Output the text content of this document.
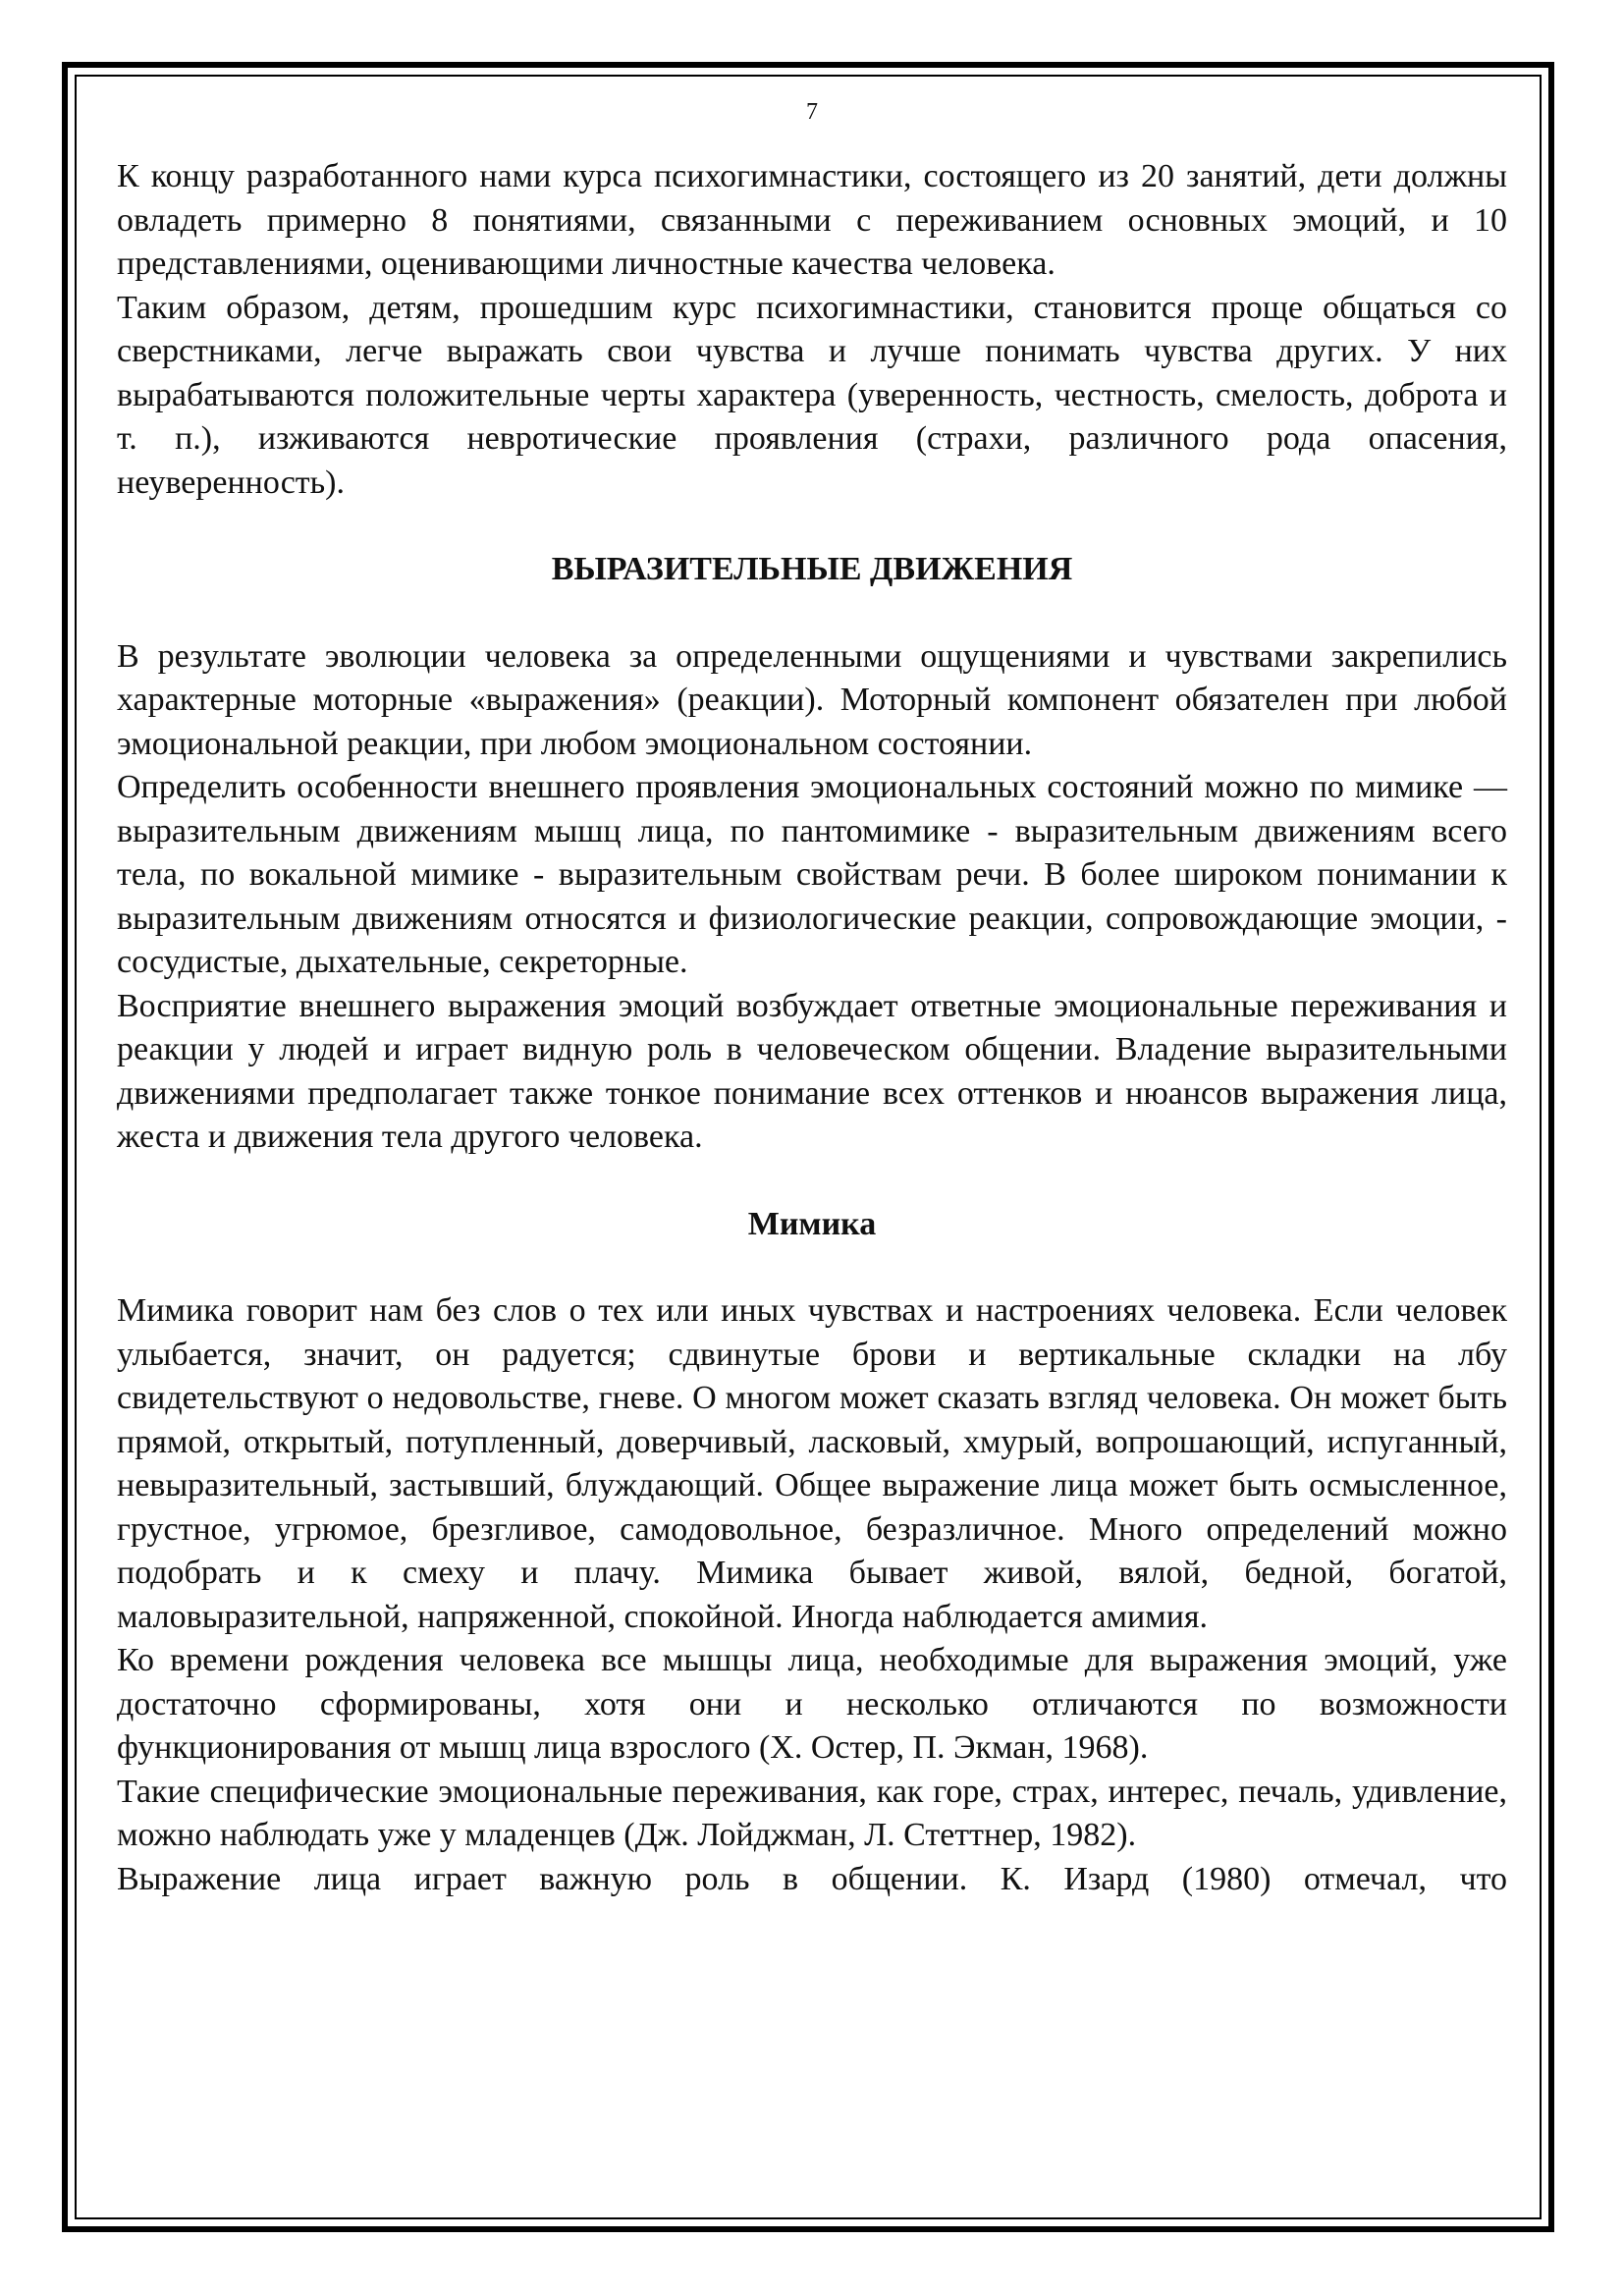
7

К концу разработанного нами курса психогимнастики, состоящего из 20 занятий, дети должны овладеть примерно 8 понятиями, связанными с переживанием основных эмоций, и 10 представлениями, оценивающими личностные качества человека.

Таким образом, детям, прошедшим курс психогимнастики, становится проще общаться со сверстниками, легче выражать свои чувства и лучше понимать чувства других. У них вырабатываются положительные черты характера (уверенность, честность, смелость, доброта и т. п.), изживаются невротические проявления (страхи, различного рода опасения, неуверенность).

ВЫРАЗИТЕЛЬНЫЕ ДВИЖЕНИЯ

В результате эволюции человека за определенными ощущениями и чувствами закрепились характерные моторные «выражения» (реакции). Моторный компонент обязателен при любой эмоциональной реакции, при любом эмоциональном состоянии.

Определить особенности внешнего проявления эмоциональных состояний можно по мимике — выразительным движениям мышц лица, по пантомимике - выразительным движениям всего тела, по вокальной мимике - выразительным свойствам речи. В более широком понимании к выразительным движениям относятся и физиологические реакции, сопровождающие эмоции, - сосудистые, дыхательные, секреторные.

Восприятие внешнего выражения эмоций возбуждает ответные эмоциональные переживания и реакции у людей и играет видную роль в человеческом общении. Владение выразительными движениями предполагает также тонкое понимание всех оттенков и нюансов выражения лица, жеста и движения тела другого человека.

Мимика

Мимика говорит нам без слов о тех или иных чувствах и настроениях человека. Если человек улыбается, значит, он радуется; сдвинутые брови и вертикальные складки на лбу свидетельствуют о недовольстве, гневе. О многом может сказать взгляд человека. Он может быть прямой, открытый, потупленный, доверчивый, ласковый, хмурый, вопрошающий, испуганный, невыразительный, застывший, блуждающий. Общее выражение лица может быть осмысленное, грустное, угрюмое, брезгливое, самодовольное, безразличное. Много определений можно подобрать и к смеху и плачу. Мимика бывает живой, вялой, бедной, богатой, маловыразительной, напряженной, спокойной. Иногда наблюдается амимия.

Ко времени рождения человека все мышцы лица, необходимые для выражения эмоций, уже достаточно сформированы, хотя они и несколько отличаются по возможности функционирования от мышц лица взрослого (Х. Остер, П. Экман, 1968).

Такие специфические эмоциональные переживания, как горе, страх, интерес, печаль, удивление, можно наблюдать уже у младенцев (Дж. Лойджман, Л. Стеттнер, 1982).

Выражение лица играет важную роль в общении. К. Изард (1980) отмечал, что
